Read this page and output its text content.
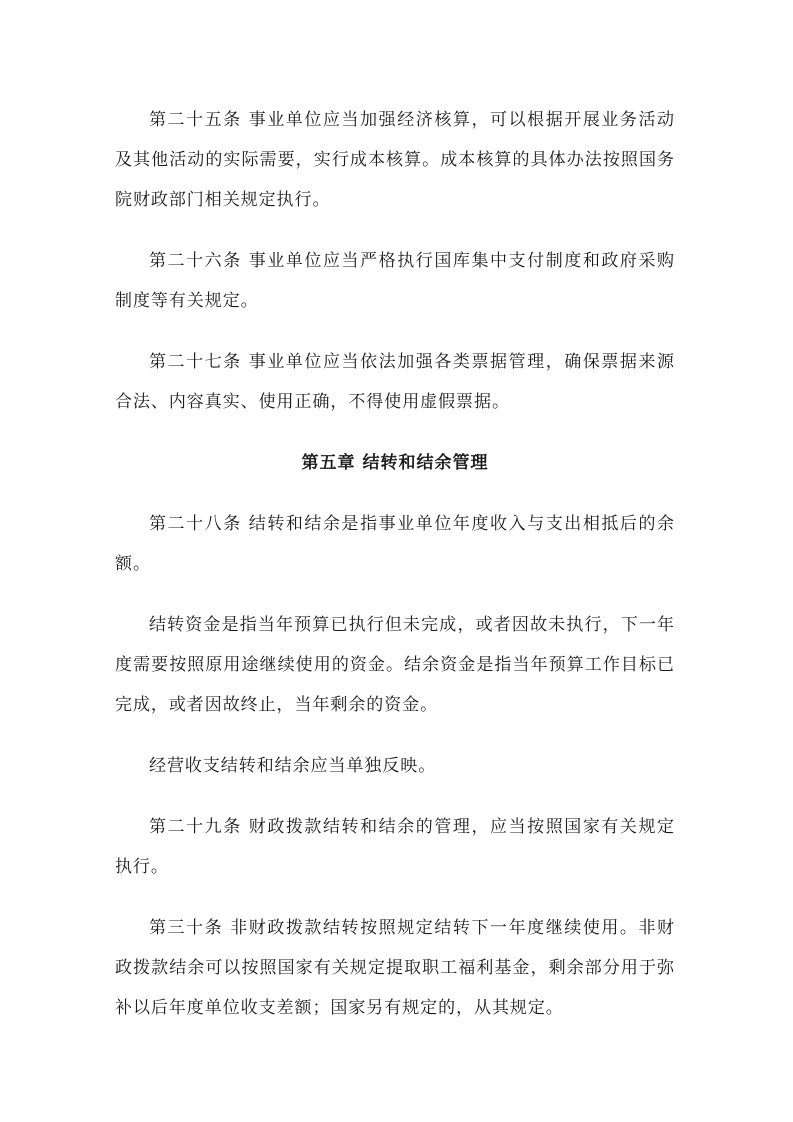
第二十五条 事业单位应当加强经济核算，可以根据开展业务活动及其他活动的实际需要，实行成本核算。成本核算的具体办法按照国务院财政部门相关规定执行。

第二十六条 事业单位应当严格执行国库集中支付制度和政府采购制度等有关规定。

第二十七条 事业单位应当依法加强各类票据管理，确保票据来源合法、内容真实、使用正确，不得使用虚假票据。

第五章 结转和结余管理

第二十八条 结转和结余是指事业单位年度收入与支出相抵后的余额。

结转资金是指当年预算已执行但未完成，或者因故未执行，下一年度需要按照原用途继续使用的资金。结余资金是指当年预算工作目标已完成，或者因故终止，当年剩余的资金。

经营收支结转和结余应当单独反映。

第二十九条 财政拨款结转和结余的管理，应当按照国家有关规定执行。

第三十条 非财政拨款结转按照规定结转下一年度继续使用。非财政拨款结余可以按照国家有关规定提取职工福利基金，剩余部分用于弥补以后年度单位收支差额；国家另有规定的，从其规定。
